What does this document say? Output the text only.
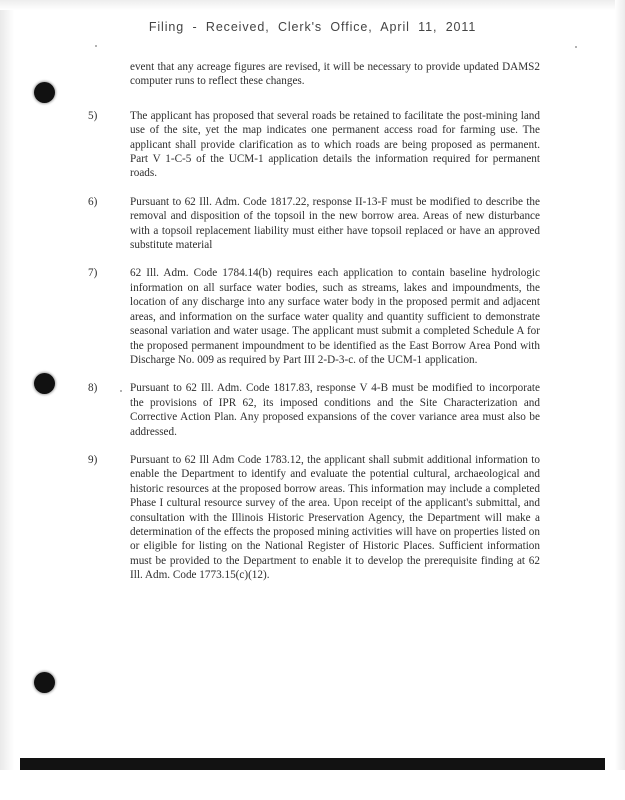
Filing - Received, Clerk's Office, April 11, 2011
event that any acreage figures are revised, it will be necessary to provide updated DAMS2 computer runs to reflect these changes.
5)	The applicant has proposed that several roads be retained to facilitate the post-mining land use of the site, yet the map indicates one permanent access road for farming use. The applicant shall provide clarification as to which roads are being proposed as permanent. Part V 1-C-5 of the UCM-1 application details the information required for permanent roads.
6)	Pursuant to 62 Ill. Adm. Code 1817.22, response II-13-F must be modified to describe the removal and disposition of the topsoil in the new borrow area. Areas of new disturbance with a topsoil replacement liability must either have topsoil replaced or have an approved substitute material
7)	62 Ill. Adm. Code 1784.14(b) requires each application to contain baseline hydrologic information on all surface water bodies, such as streams, lakes and impoundments, the location of any discharge into any surface water body in the proposed permit and adjacent areas, and information on the surface water quality and quantity sufficient to demonstrate seasonal variation and water usage. The applicant must submit a completed Schedule A for the proposed permanent impoundment to be identified as the East Borrow Area Pond with Discharge No. 009 as required by Part III 2-D-3-c. of the UCM-1 application.
8)	Pursuant to 62 Ill. Adm. Code 1817.83, response V 4-B must be modified to incorporate the provisions of IPR 62, its imposed conditions and the Site Characterization and Corrective Action Plan. Any proposed expansions of the cover variance area must also be addressed.
9)	Pursuant to 62 Ill Adm Code 1783.12, the applicant shall submit additional information to enable the Department to identify and evaluate the potential cultural, archaeological and historic resources at the proposed borrow areas. This information may include a completed Phase I cultural resource survey of the area. Upon receipt of the applicant's submittal, and consultation with the Illinois Historic Preservation Agency, the Department will make a determination of the effects the proposed mining activities will have on properties listed on or eligible for listing on the National Register of Historic Places. Sufficient information must be provided to the Department to enable it to develop the prerequisite finding at 62 Ill. Adm. Code 1773.15(c)(12).
